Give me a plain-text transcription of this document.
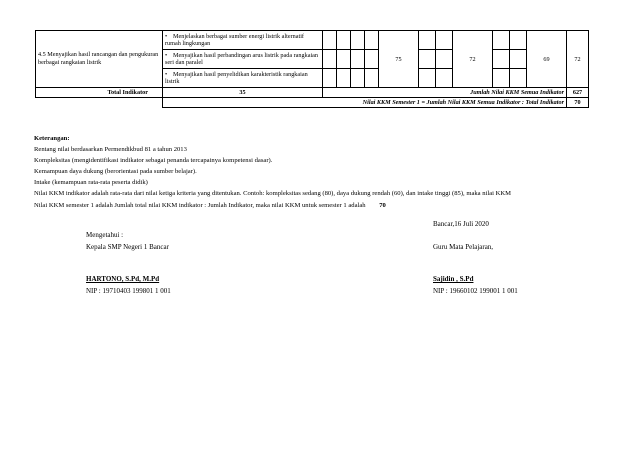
4.5 Menyajikan hasil rancangan dan pengukuran berbagai rangkaian listrik	• Menjelaskan berbagai sumber energi listrik alternatif rumah lingkungan					75			72			69	72
	• Menyajikan hasil perbandingan arus listrik pada rangkaian seri dan paralel												
	• Menyajikan hasil penyelidikan karakteristik rangkaian listrik												
Total Indikator	35	Jumlah Nilai KKM Semua Indikator											627
	Nilai KKM Semester 1 = Jumlah Nilai KKM Semua Indikator : Total Indikator												70
Keterangan:
Rentang nilai berdasarkan Permendikbud 81 a tahun 2013
Kompleksitas (mengidentifikasi indikator sebagai penanda tercapainya kompetensi dasar).
Kemampuan daya dukung (berorientasi pada sumber belajar).
Intake (kemampuan rata-rata peserta didik)
Nilai KKM indikator adalah rata-rata dari nilai ketiga kriteria yang ditentukan. Contoh: kompleksitas sedang (80), daya dukung rendah (60), dan intake tinggi (85), maka nilai KKM
Nilai KKM semester 1 adalah Jumlah total nilai KKM indikator : Jumlah Indikator, maka nilai KKM untuk semester 1 adalah 70
Bancar,16 Juli 2020
Mengetahui :
Kepala SMP Negeri 1 Bancar	Guru Mata Pelajaran,
HARTONO, S.Pd, M.Pd
NIP : 19710403 199801 1 001
Sajidin , S.Pd
NIP : 19660102 199001 1 001
